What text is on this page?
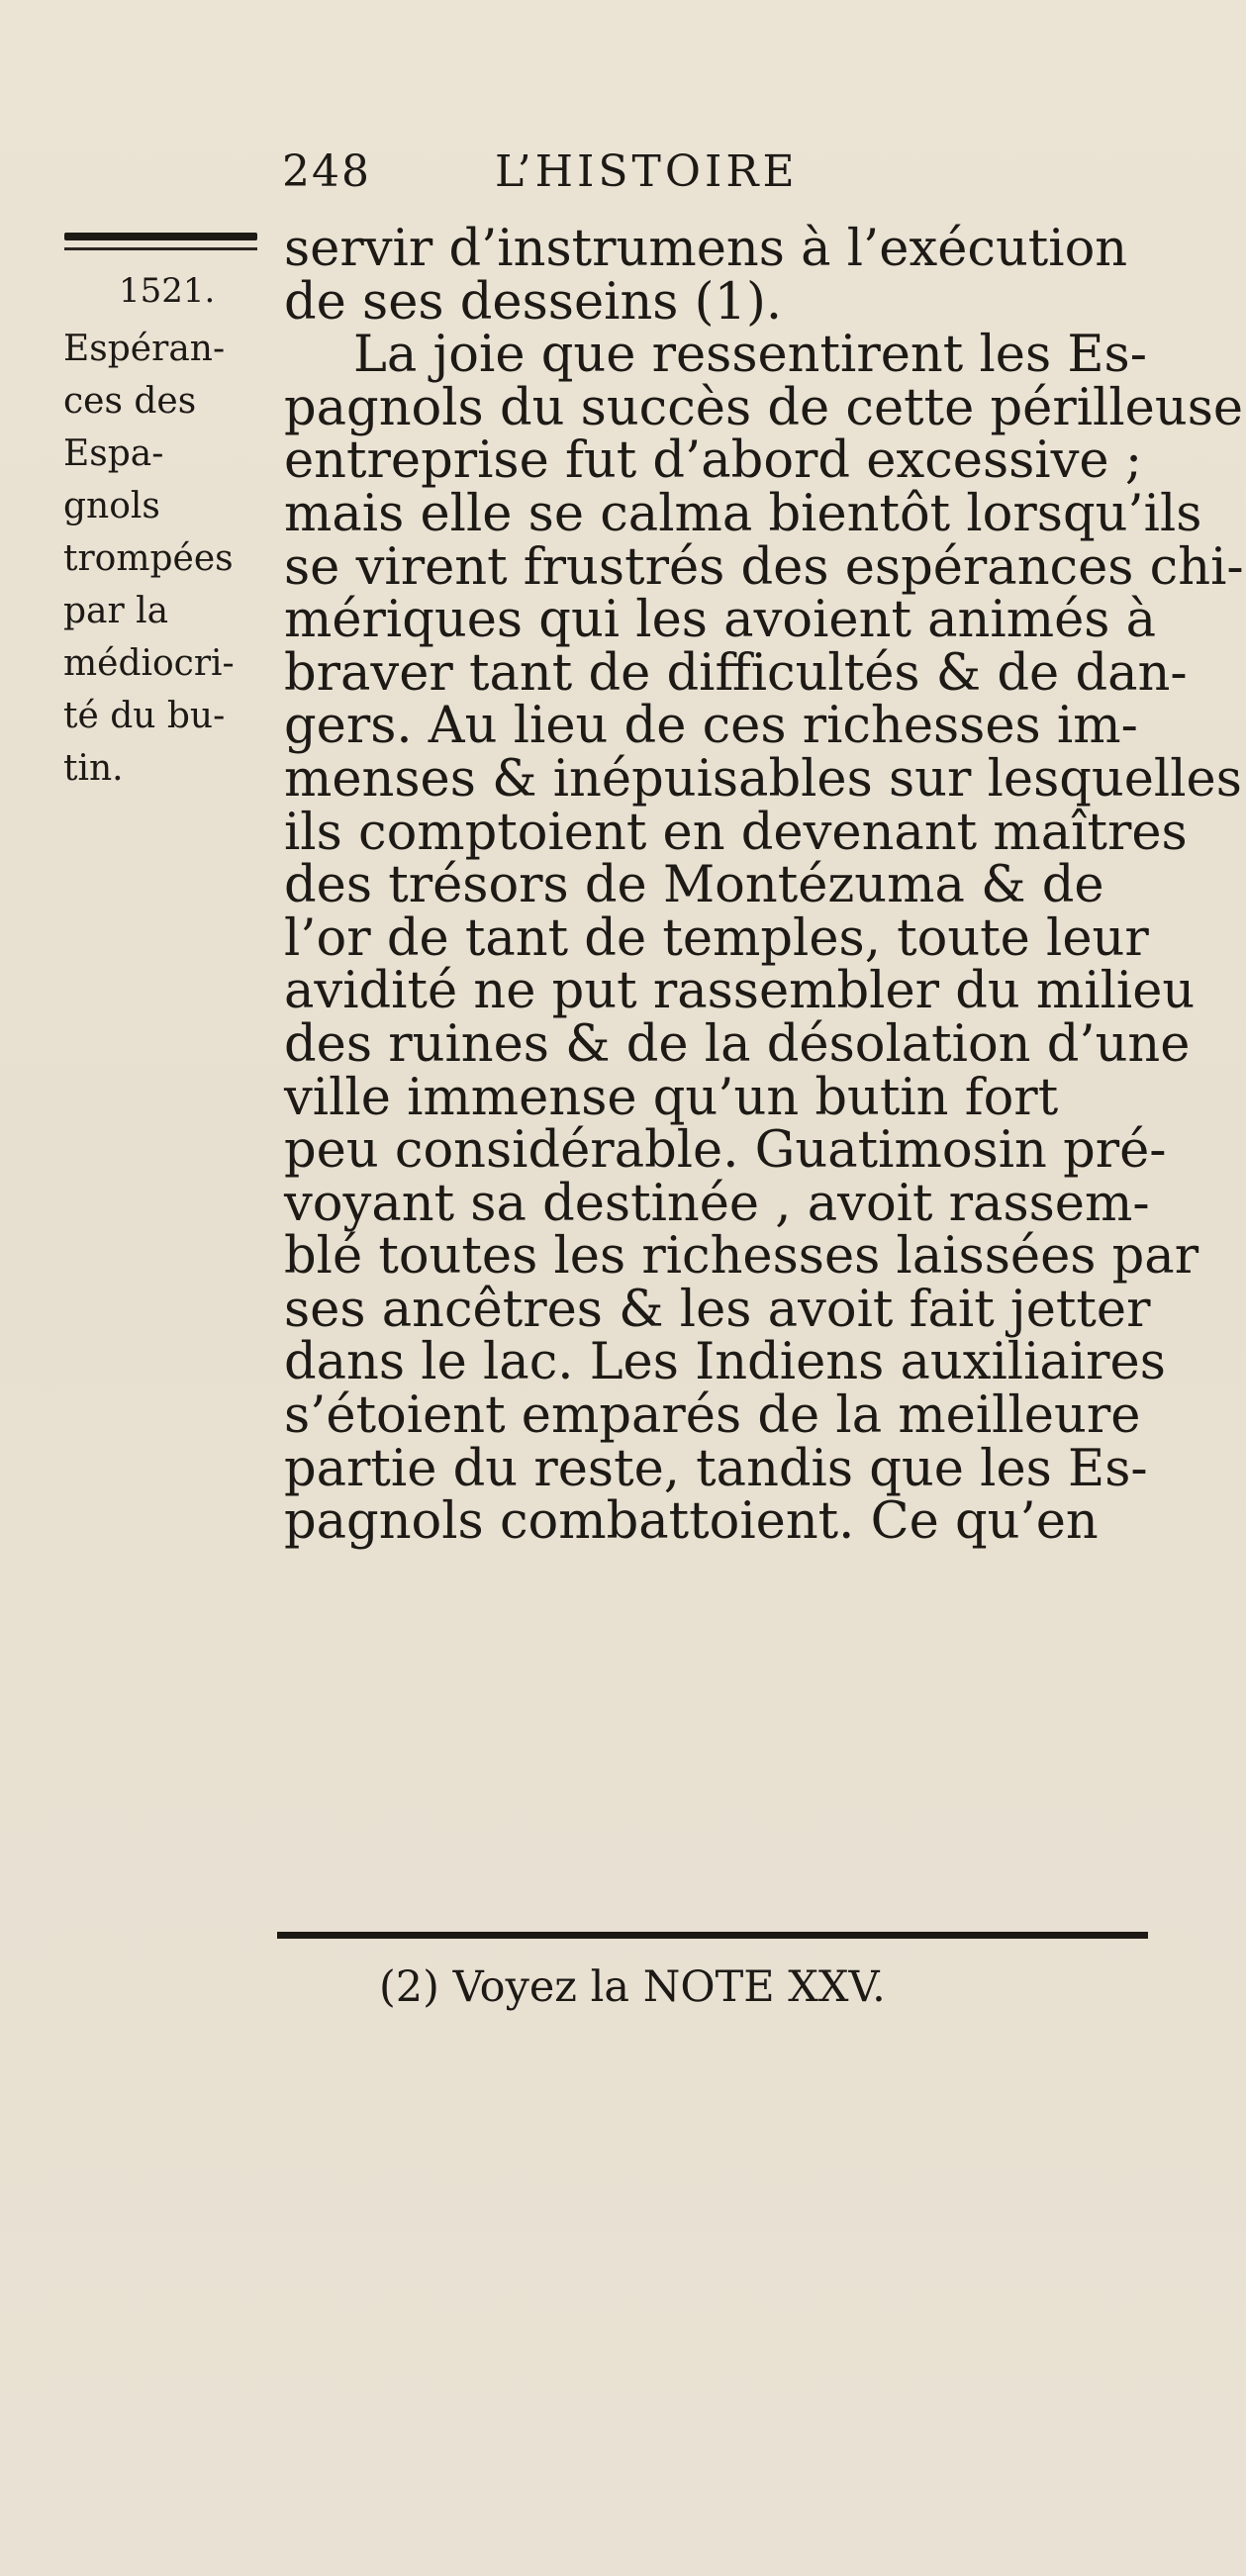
248	L’HISTOIRE
1521.
Espéran-
ces des
Espa-
gnols
trompées
par la
médiocri-
té du bu-
tin.
servir d’instrumens à l’exécution
de ses desseins (1).
La joie que ressentirent les Es-
pagnols du succès de cette périlleuse
entreprise fut d’abord excessive ;
mais elle se calma bientôt lorsqu’ils
se virent frustrés des espérances chi-
mériques qui les avoient animés à
braver tant de difficultés & de dan-
gers. Au lieu de ces richesses im-
menses & inépuisables sur lesquelles
ils comptoient en devenant maîtres
des trésors de Montézuma & de
l’or de tant de temples, toute leur
avidité ne put rassembler du milieu
des ruines & de la désolation d’une
ville immense qu’un butin fort
peu considérable. Guatimosin pré-
voyant sa destinée , avoit rassem-
blé toutes les richesses laissées par
ses ancêtres & les avoit fait jetter
dans le lac. Les Indiens auxiliaires
s’étoient emparés de la meilleure
partie du reste, tandis que les Es-
pagnols combattoient. Ce qu’en
(2) Voyez la NOTE XXV.
